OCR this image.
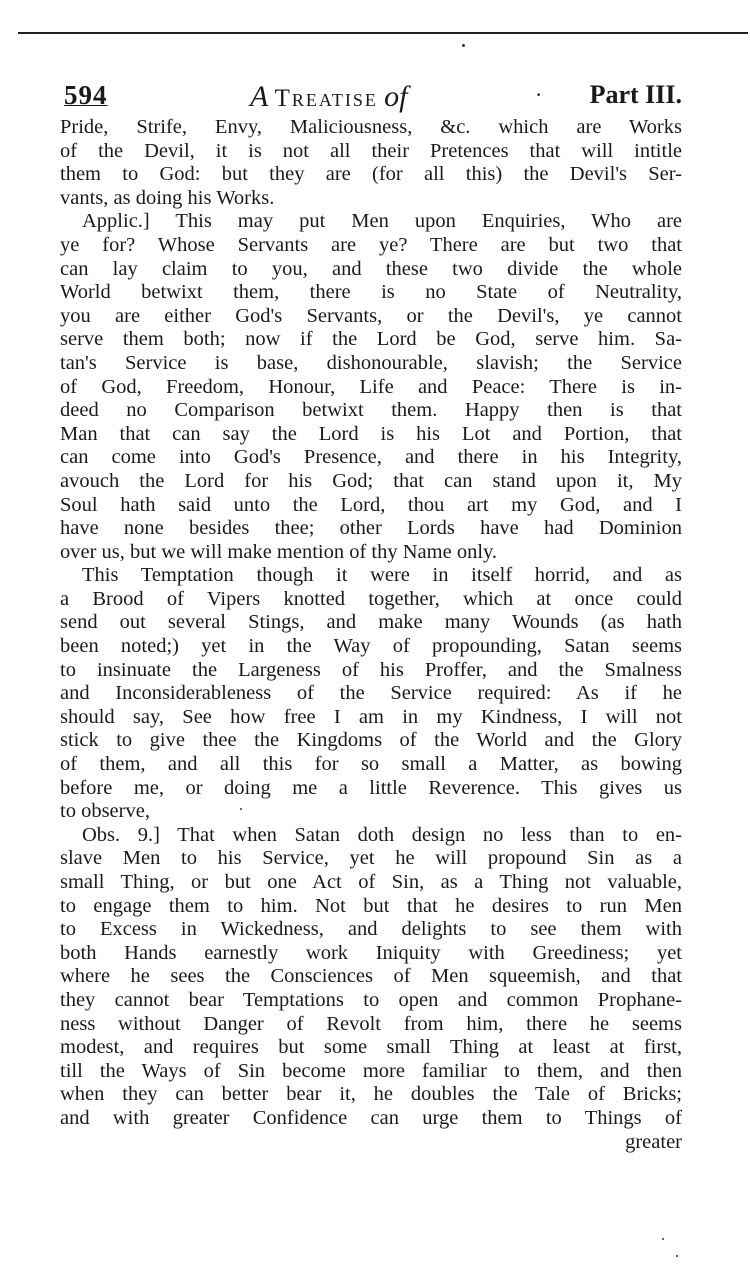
594	A Treatise of	· Part III.
Pride, Strife, Envy, Maliciousness, &c. which are Works
of the Devil, it is not all their Pretences that will intitle
them to God: but they are (for all this) the Devil's Ser-
vants, as doing his Works.
Applic.] This may put Men upon Enquiries, Who are
ye for? Whose Servants are ye? There are but two that
can lay claim to you, and these two divide the whole
World betwixt them, there is no State of Neutrality,
you are either God's Servants, or the Devil's, ye cannot
serve them both; now if the Lord be God, serve him. Sa-
tan's Service is base, dishonourable, slavish; the Service
of God, Freedom, Honour, Life and Peace: There is in-
deed no Comparison betwixt them. Happy then is that
Man that can say the Lord is his Lot and Portion, that
can come into God's Presence, and there in his Integrity,
avouch the Lord for his God; that can stand upon it, My
Soul hath said unto the Lord, thou art my God, and I
have none besides thee; other Lords have had Dominion
over us, but we will make mention of thy Name only.
This Temptation though it were in itself horrid, and as
a Brood of Vipers knotted together, which at once could
send out several Stings, and make many Wounds (as hath
been noted;) yet in the Way of propounding, Satan seems
to insinuate the Largeness of his Proffer, and the Smalness
and Inconsiderableness of the Service required: As if he
should say, See how free I am in my Kindness, I will not
stick to give thee the Kingdoms of the World and the Glory
of them, and all this for so small a Matter, as bowing
before me, or doing me a little Reverence. This gives us
to observe,
Obs. 9.] That when Satan doth design no less than to en-
slave Men to his Service, yet he will propound Sin as a
small Thing, or but one Act of Sin, as a Thing not valuable,
to engage them to him. Not but that he desires to run Men
to Excess in Wickedness, and delights to see them with
both Hands earnestly work Iniquity with Greediness; yet
where he sees the Consciences of Men squeemish, and that
they cannot bear Temptations to open and common Prophane-
ness without Danger of Revolt from him, there he seems
modest, and requires but some small Thing at least at first,
till the Ways of Sin become more familiar to them, and then
when they can better bear it, he doubles the Tale of Bricks;
and with greater Confidence can urge them to Things of
greater
